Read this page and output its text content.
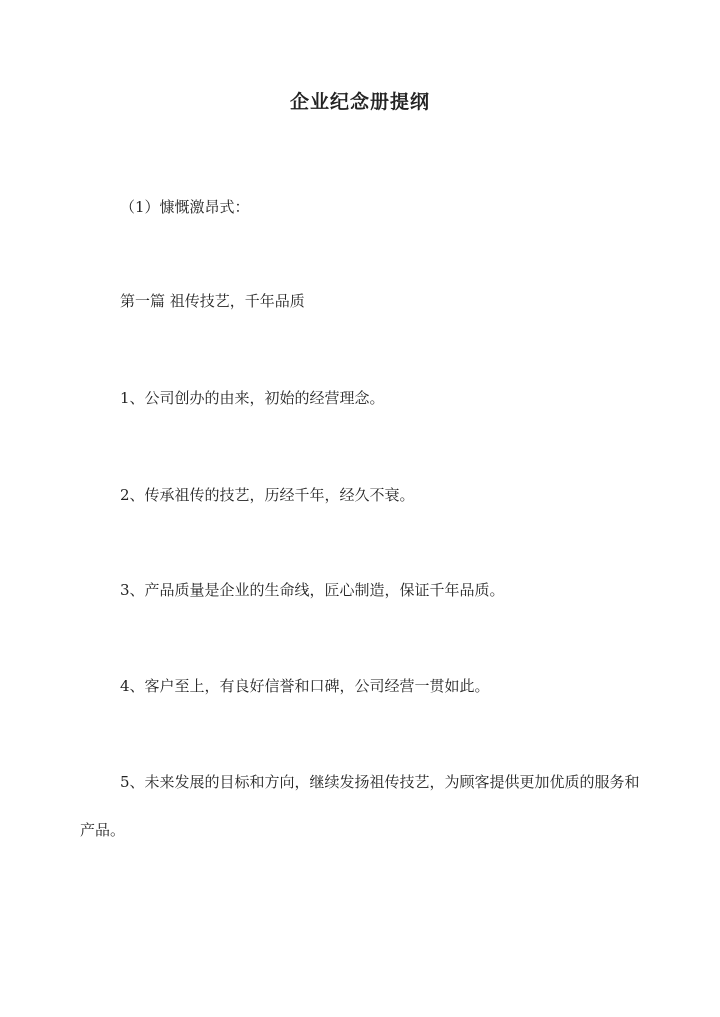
企业纪念册提纲
（1）慷慨激昂式：
第一篇 祖传技艺，千年品质
1、公司创办的由来，初始的经营理念。
2、传承祖传的技艺，历经千年，经久不衰。
3、产品质量是企业的生命线，匠心制造，保证千年品质。
4、客户至上，有良好信誉和口碑，公司经营一贯如此。
5、未来发展的目标和方向，继续发扬祖传技艺，为顾客提供更加优质的服务和产品。
